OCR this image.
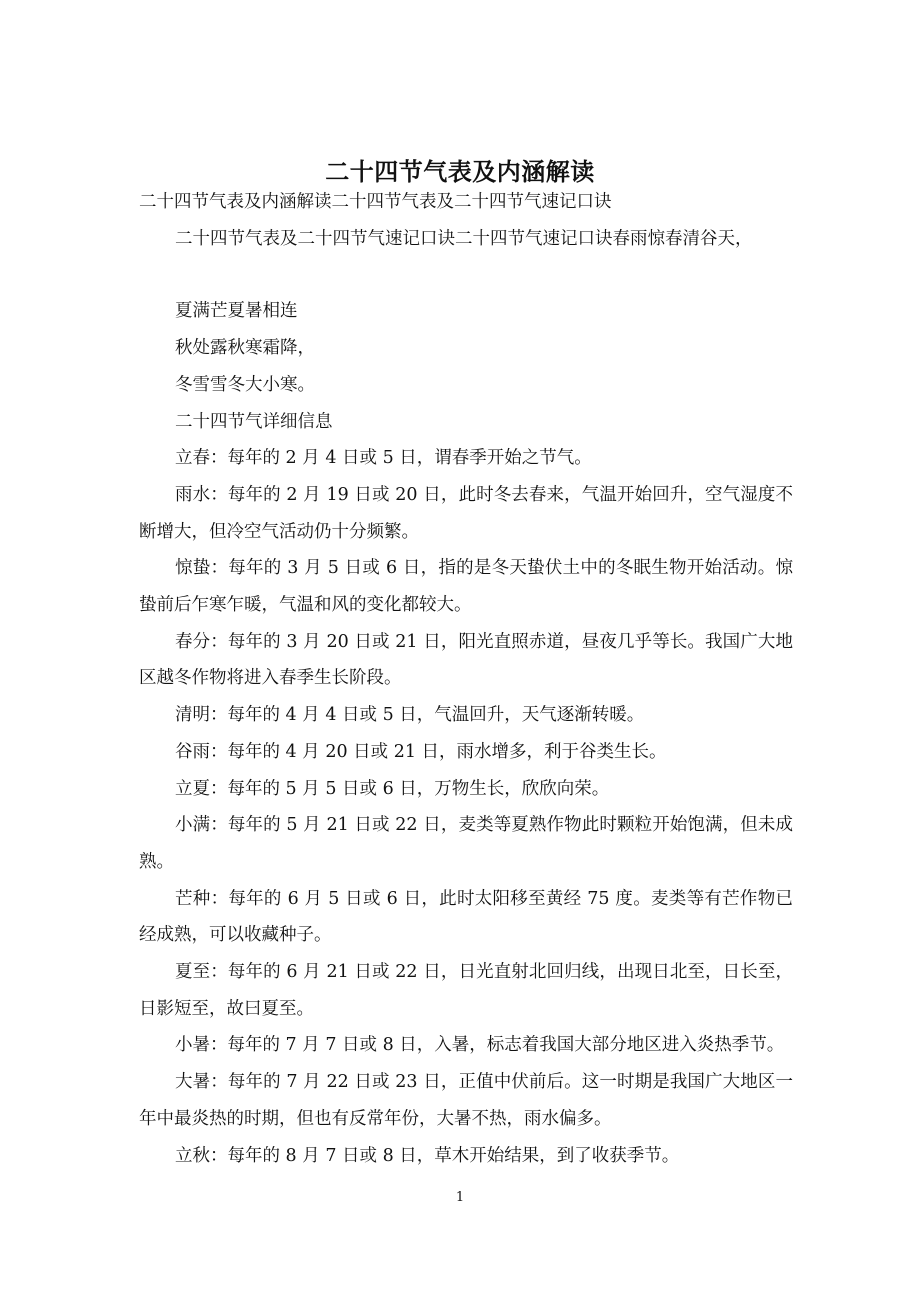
二十四节气表及内涵解读

二十四节气表及内涵解读二十四节气表及二十四节气速记口诀

二十四节气表及二十四节气速记口诀二十四节气速记口诀春雨惊春清谷天，

夏满芒夏暑相连

秋处露秋寒霜降，

冬雪雪冬大小寒。

二十四节气详细信息

立春：每年的 2 月 4 日或 5 日，谓春季开始之节气。

雨水：每年的 2 月 19 日或 20 日，此时冬去春来，气温开始回升，空气湿度不断增大，但冷空气活动仍十分频繁。

惊蛰：每年的 3 月 5 日或 6 日，指的是冬天蛰伏土中的冬眠生物开始活动。惊蛰前后乍寒乍暖，气温和风的变化都较大。

春分：每年的 3 月 20 日或 21 日，阳光直照赤道，昼夜几乎等长。我国广大地区越冬作物将进入春季生长阶段。

清明：每年的 4 月 4 日或 5 日，气温回升，天气逐渐转暖。

谷雨：每年的 4 月 20 日或 21 日，雨水增多，利于谷类生长。

立夏：每年的 5 月 5 日或 6 日，万物生长，欣欣向荣。

小满：每年的 5 月 21 日或 22 日，麦类等夏熟作物此时颗粒开始饱满，但未成熟。

芒种：每年的 6 月 5 日或 6 日，此时太阳移至黄经 75 度。麦类等有芒作物已经成熟，可以收藏种子。

夏至：每年的 6 月 21 日或 22 日，日光直射北回归线，出现日北至，日长至，日影短至，故曰夏至。

小暑：每年的 7 月 7 日或 8 日，入暑，标志着我国大部分地区进入炎热季节。

大暑：每年的 7 月 22 日或 23 日，正值中伏前后。这一时期是我国广大地区一年中最炎热的时期，但也有反常年份，大暑不热，雨水偏多。

立秋：每年的 8 月 7 日或 8 日，草木开始结果，到了收获季节。

1
